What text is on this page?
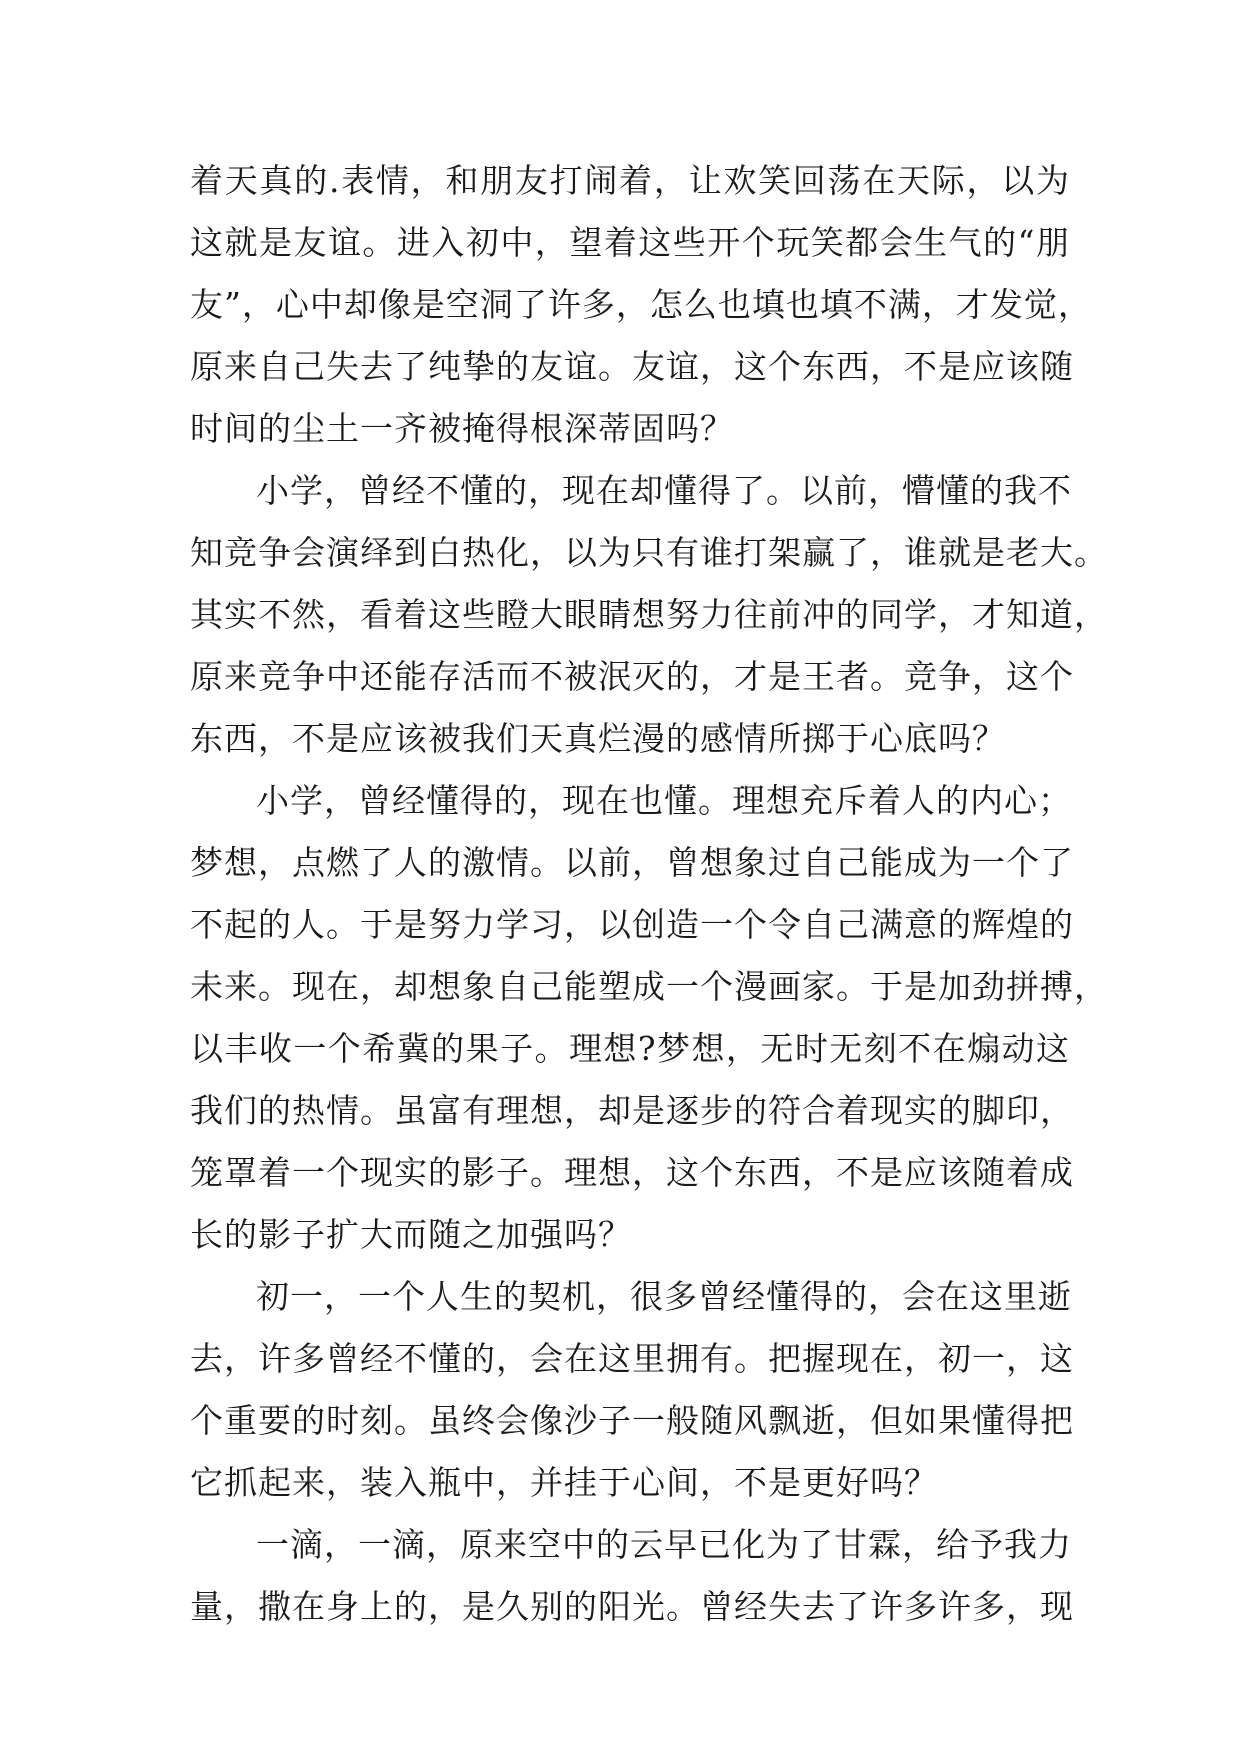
着天真的.表情，和朋友打闹着，让欢笑回荡在天际，以为
这就是友谊。进入初中，望着这些开个玩笑都会生气的“朋
友”，心中却像是空洞了许多，怎么也填也填不满，才发觉，
原来自己失去了纯挚的友谊。友谊，这个东西，不是应该随
时间的尘土一齐被掩得根深蒂固吗？
小学，曾经不懂的，现在却懂得了。以前，懵懂的我不
知竞争会演绎到白热化，以为只有谁打架赢了，谁就是老大。
其实不然，看着这些瞪大眼睛想努力往前冲的同学，才知道，
原来竞争中还能存活而不被泯灭的，才是王者。竞争，这个
东西，不是应该被我们天真烂漫的感情所掷于心底吗？
小学，曾经懂得的，现在也懂。理想充斥着人的内心；
梦想，点燃了人的激情。以前，曾想象过自己能成为一个了
不起的人。于是努力学习，以创造一个令自己满意的辉煌的
未来。现在，却想象自己能塑成一个漫画家。于是加劲拼搏，
以丰收一个希冀的果子。理想?梦想，无时无刻不在煽动这
我们的热情。虽富有理想，却是逐步的符合着现实的脚印，
笼罩着一个现实的影子。理想，这个东西，不是应该随着成
长的影子扩大而随之加强吗？
初一，一个人生的契机，很多曾经懂得的，会在这里逝
去，许多曾经不懂的，会在这里拥有。把握现在，初一，这
个重要的时刻。虽终会像沙子一般随风飘逝，但如果懂得把
它抓起来，装入瓶中，并挂于心间，不是更好吗？
一滴，一滴，原来空中的云早已化为了甘霖，给予我力
量，撒在身上的，是久别的阳光。曾经失去了许多许多，现
